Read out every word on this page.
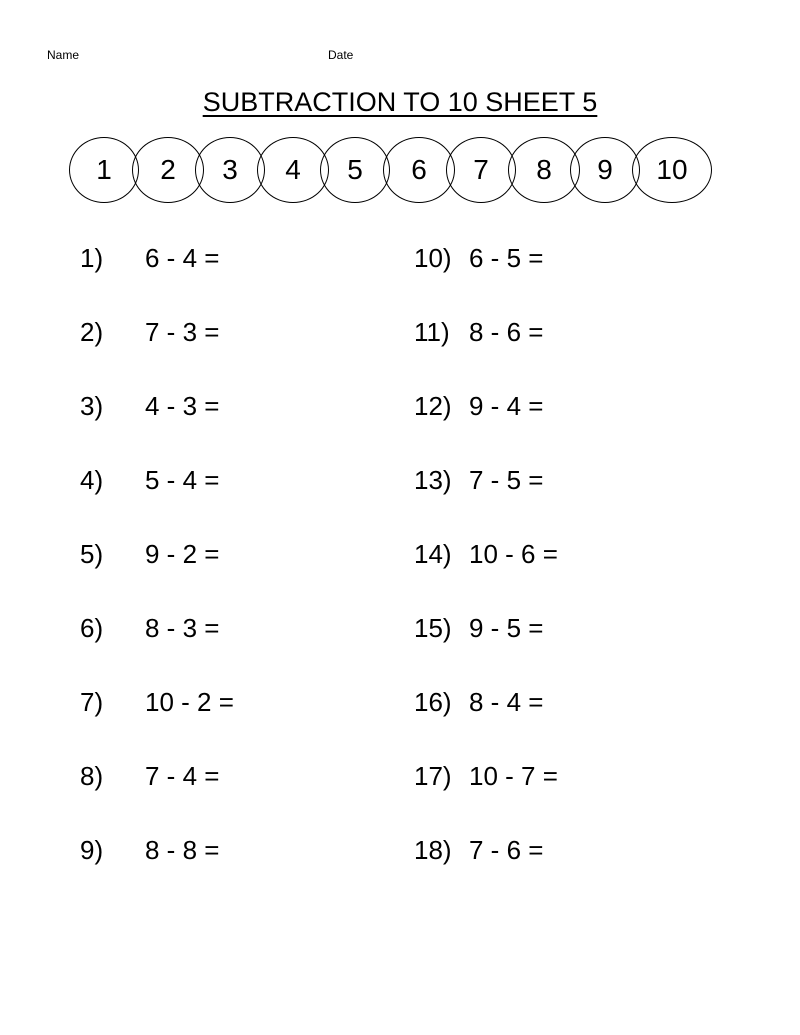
Name	Date
SUBTRACTION TO 10 SHEET 5
1	2	3	4	5	6	7	8	9	10
1) 6 - 4 =
2) 7 - 3 =
3) 4 - 3 =
4) 5 - 4 =
5) 9 - 2 =
6) 8 - 3 =
7) 10 - 2 =
8) 7 - 4 =
9) 8 - 8 =
10) 6 - 5 =
11) 8 - 6 =
12) 9 - 4 =
13) 7 - 5 =
14) 10 - 6 =
15) 9 - 5 =
16) 8 - 4 =
17) 10 - 7 =
18) 7 - 6 =
